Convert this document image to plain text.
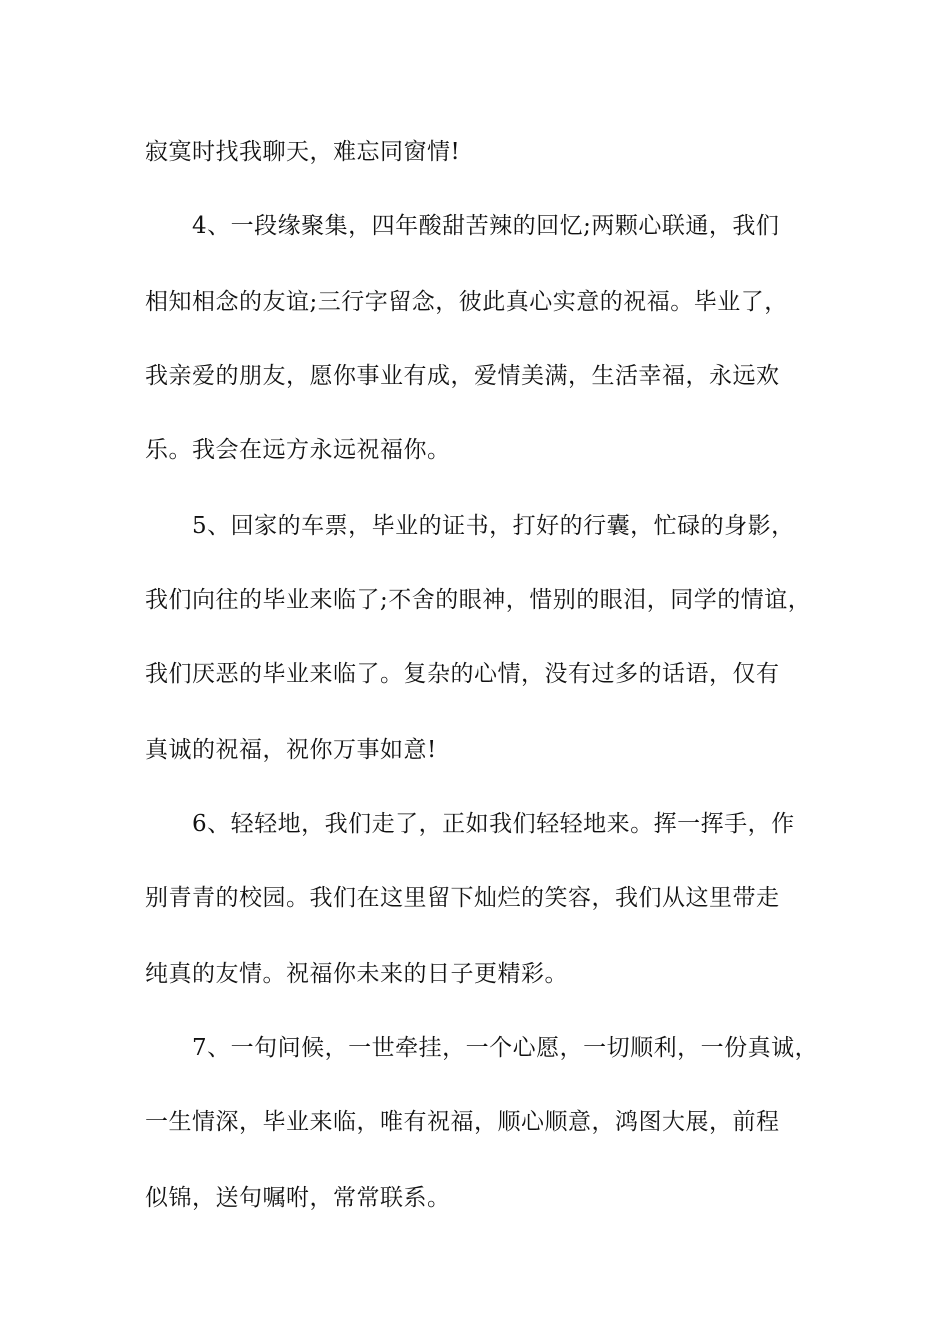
寂寞时找我聊天，难忘同窗情!
4、一段缘聚集，四年酸甜苦辣的回忆;两颗心联通，我们
相知相念的友谊;三行字留念，彼此真心实意的祝福。毕业了，
我亲爱的朋友，愿你事业有成，爱情美满，生活幸福，永远欢
乐。我会在远方永远祝福你。
5、回家的车票，毕业的证书，打好的行囊，忙碌的身影，
我们向往的毕业来临了;不舍的眼神，惜别的眼泪，同学的情谊，
我们厌恶的毕业来临了。复杂的心情，没有过多的话语，仅有
真诚的祝福，祝你万事如意!
6、轻轻地，我们走了，正如我们轻轻地来。挥一挥手，作
别青青的校园。我们在这里留下灿烂的笑容，我们从这里带走
纯真的友情。祝福你未来的日子更精彩。
7、一句问候，一世牵挂，一个心愿，一切顺利，一份真诚，
一生情深，毕业来临，唯有祝福，顺心顺意，鸿图大展，前程
似锦，送句嘱咐，常常联系。
